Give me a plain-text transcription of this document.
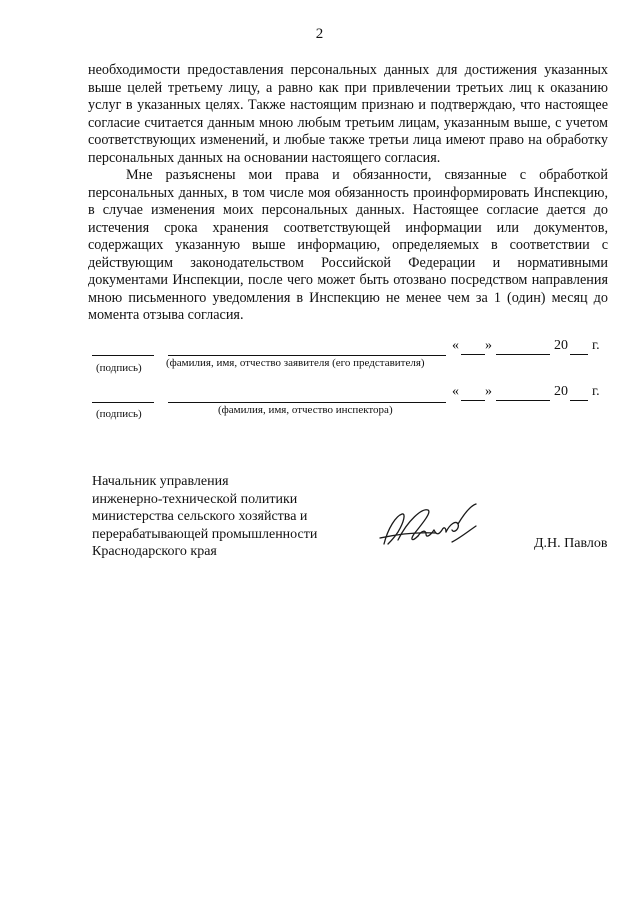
2

необходимости предоставления персональных данных для достижения указанных выше целей третьему лицу, а равно как при привлечении третьих лиц к оказанию услуг в указанных целях. Также настоящим признаю и подтверждаю, что настоящее согласие считается данным мною любым третьим лицам, указанным выше, с учетом соответствующих изменений, и любые также третьи лица имеют право на обработку персональных данных на основании настоящего согласия.

Мне разъяснены мои права и обязанности, связанные с обработкой персональных данных, в том числе моя обязанность проинформировать Инспекцию, в случае изменения моих персональных данных. Настоящее согласие дается до истечения срока хранения соответствующей информации или документов, содержащих указанную выше информацию, определяемых в соответствии с действующим законодательством Российской Федерации и нормативными документами Инспекции, после чего может быть отозвано посредством направления мною письменного уведомления в Инспекцию не менее чем за 1 (один) месяц до момента отзыва согласия.

« »	20 г.
(подпись) (фамилия, имя, отчество заявителя (его представителя)
« »	20 г.
(подпись)	(фамилия, имя, отчество инспектора)
Начальник управления
инженерно-технической политики
министерства сельского хозяйства и
перерабатывающей промышленности
Краснодарского края
Д.Н. Павлов
